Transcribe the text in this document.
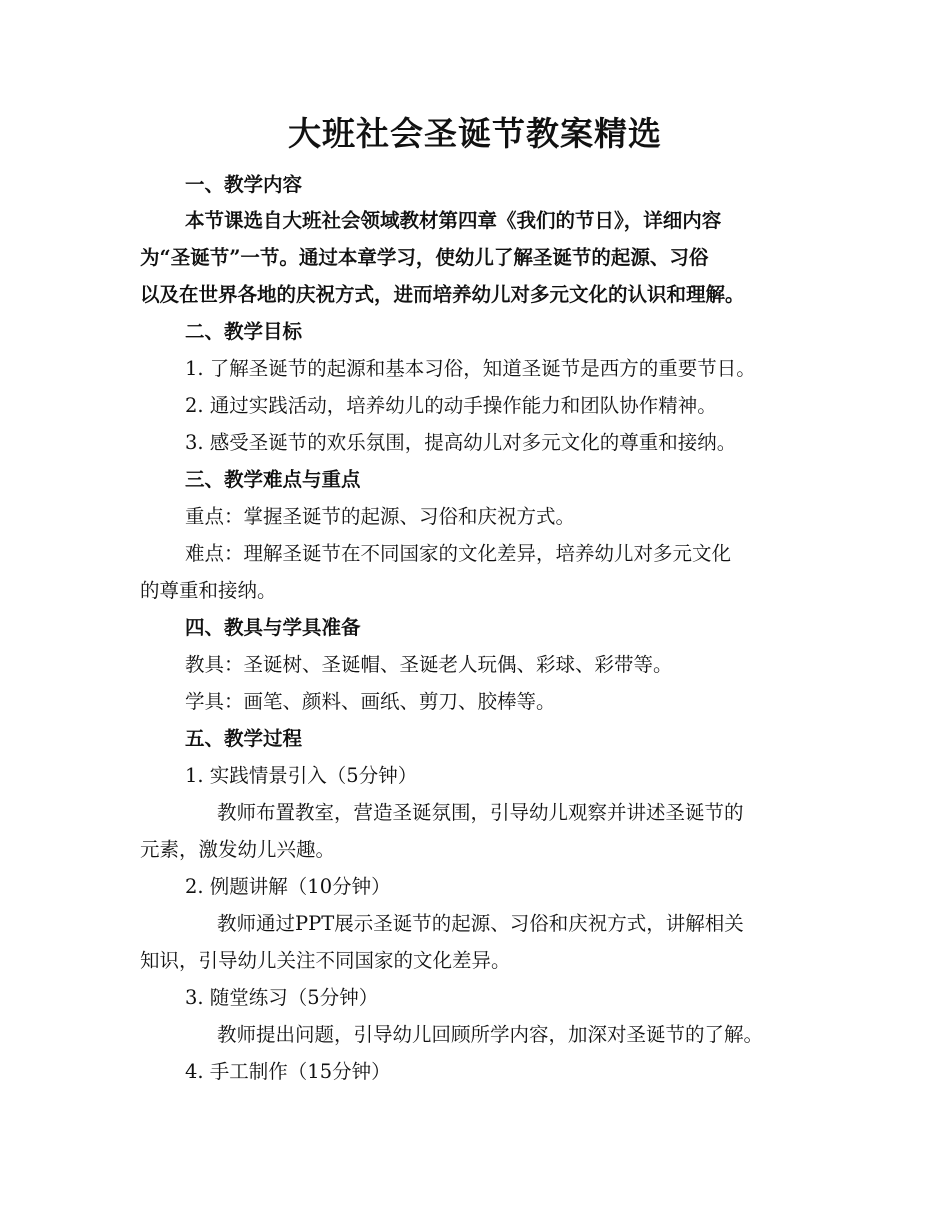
大班社会圣诞节教案精选
一、教学内容
本节课选自大班社会领域教材第四章《我们的节日》，详细内容
为“圣诞节”一节。通过本章学习，使幼儿了解圣诞节的起源、习俗
以及在世界各地的庆祝方式，进而培养幼儿对多元文化的认识和理解。
二、教学目标
1. 了解圣诞节的起源和基本习俗，知道圣诞节是西方的重要节日。
2. 通过实践活动，培养幼儿的动手操作能力和团队协作精神。
3. 感受圣诞节的欢乐氛围，提高幼儿对多元文化的尊重和接纳。
三、教学难点与重点
重点：掌握圣诞节的起源、习俗和庆祝方式。
难点：理解圣诞节在不同国家的文化差异，培养幼儿对多元文化
的尊重和接纳。
四、教具与学具准备
教具：圣诞树、圣诞帽、圣诞老人玩偶、彩球、彩带等。
学具：画笔、颜料、画纸、剪刀、胶棒等。
五、教学过程
1. 实践情景引入（5分钟）
教师布置教室，营造圣诞氛围，引导幼儿观察并讲述圣诞节的
元素，激发幼儿兴趣。
2. 例题讲解（10分钟）
教师通过PPT展示圣诞节的起源、习俗和庆祝方式，讲解相关
知识，引导幼儿关注不同国家的文化差异。
3. 随堂练习（5分钟）
教师提出问题，引导幼儿回顾所学内容，加深对圣诞节的了解。
4. 手工制作（15分钟）
